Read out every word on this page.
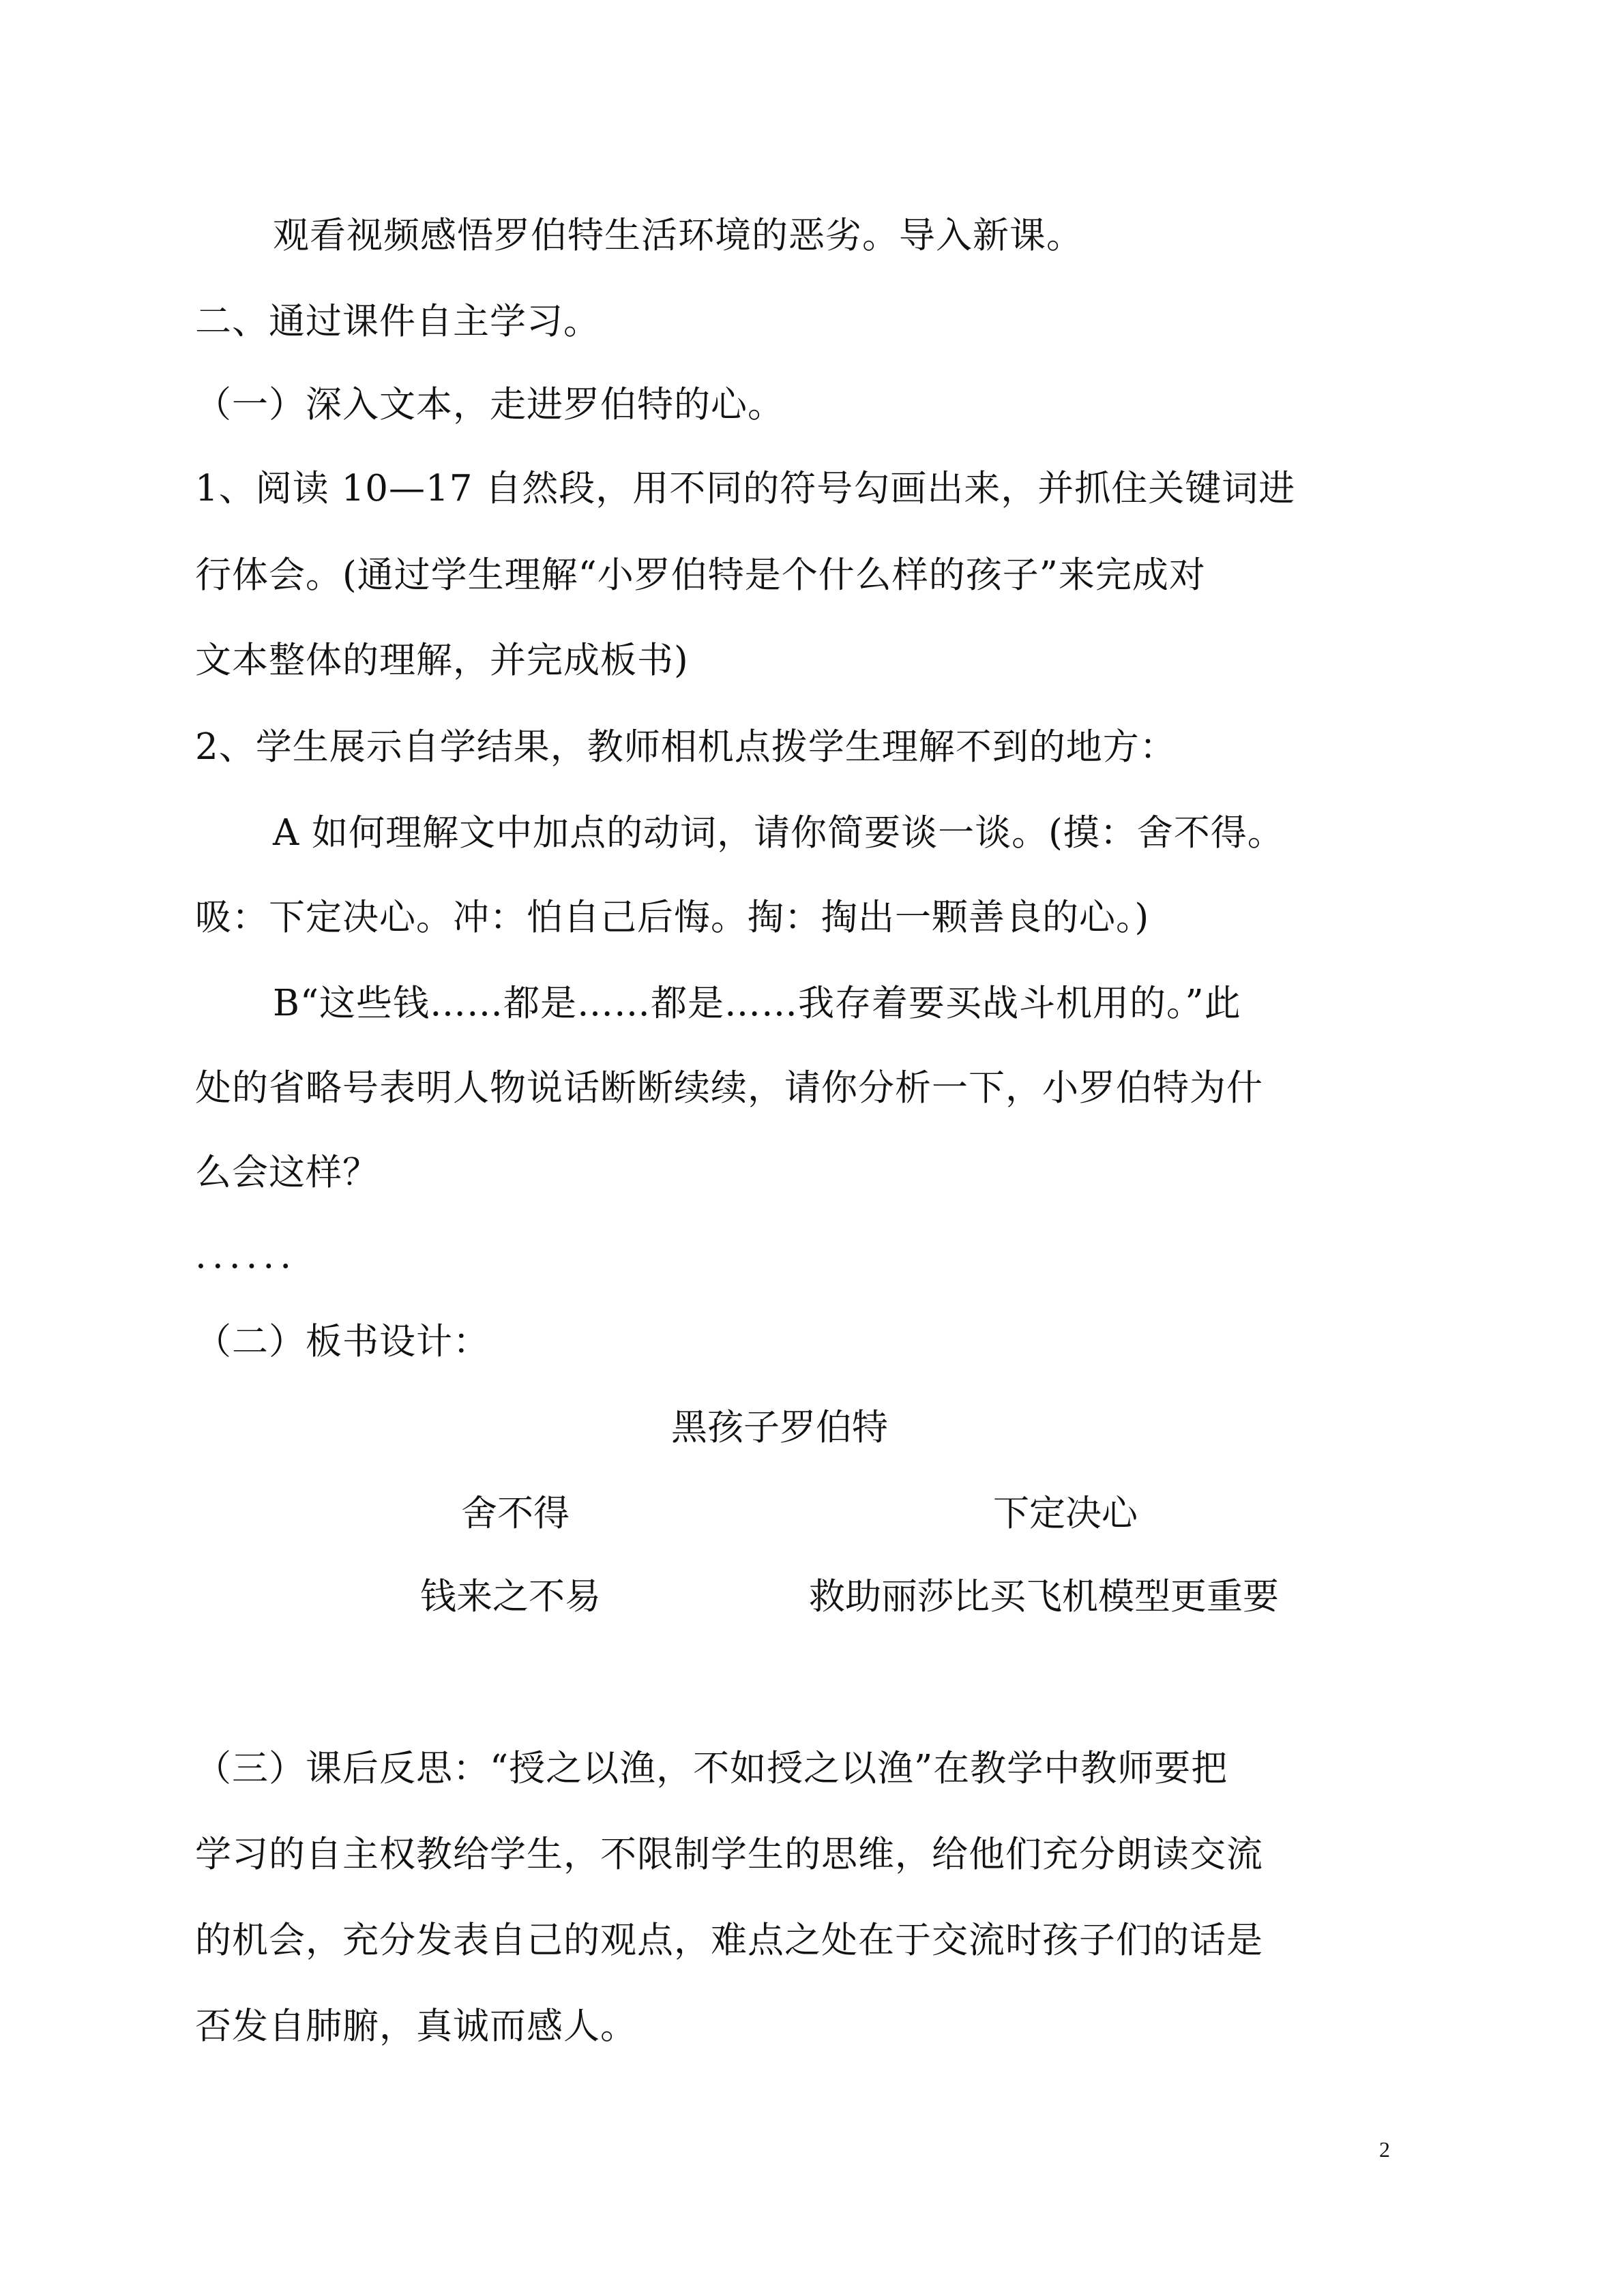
观看视频感悟罗伯特生活环境的恶劣。导入新课。
二、通过课件自主学习。
（一）深入文本，走进罗伯特的心。
1、阅读 10—17 自然段，用不同的符号勾画出来，并抓住关键词进
行体会。(通过学生理解“小罗伯特是个什么样的孩子”来完成对
文本整体的理解，并完成板书)
2、学生展示自学结果，教师相机点拨学生理解不到的地方：
A 如何理解文中加点的动词，请你简要谈一谈。(摸：舍不得。
吸：下定决心。冲：怕自己后悔。掏：掏出一颗善良的心。)
B“这些钱……都是……都是……我存着要买战斗机用的。”此
处的省略号表明人物说话断断续续，请你分析一下，小罗伯特为什
么会这样？
......
（二）板书设计：
黑孩子罗伯特
舍不得	下定决心
钱来之不易	救助丽莎比买飞机模型更重要
（三）课后反思：“授之以渔，不如授之以渔”在教学中教师要把
学习的自主权教给学生，不限制学生的思维，给他们充分朗读交流
的机会，充分发表自己的观点，难点之处在于交流时孩子们的话是
否发自肺腑，真诚而感人。
2
